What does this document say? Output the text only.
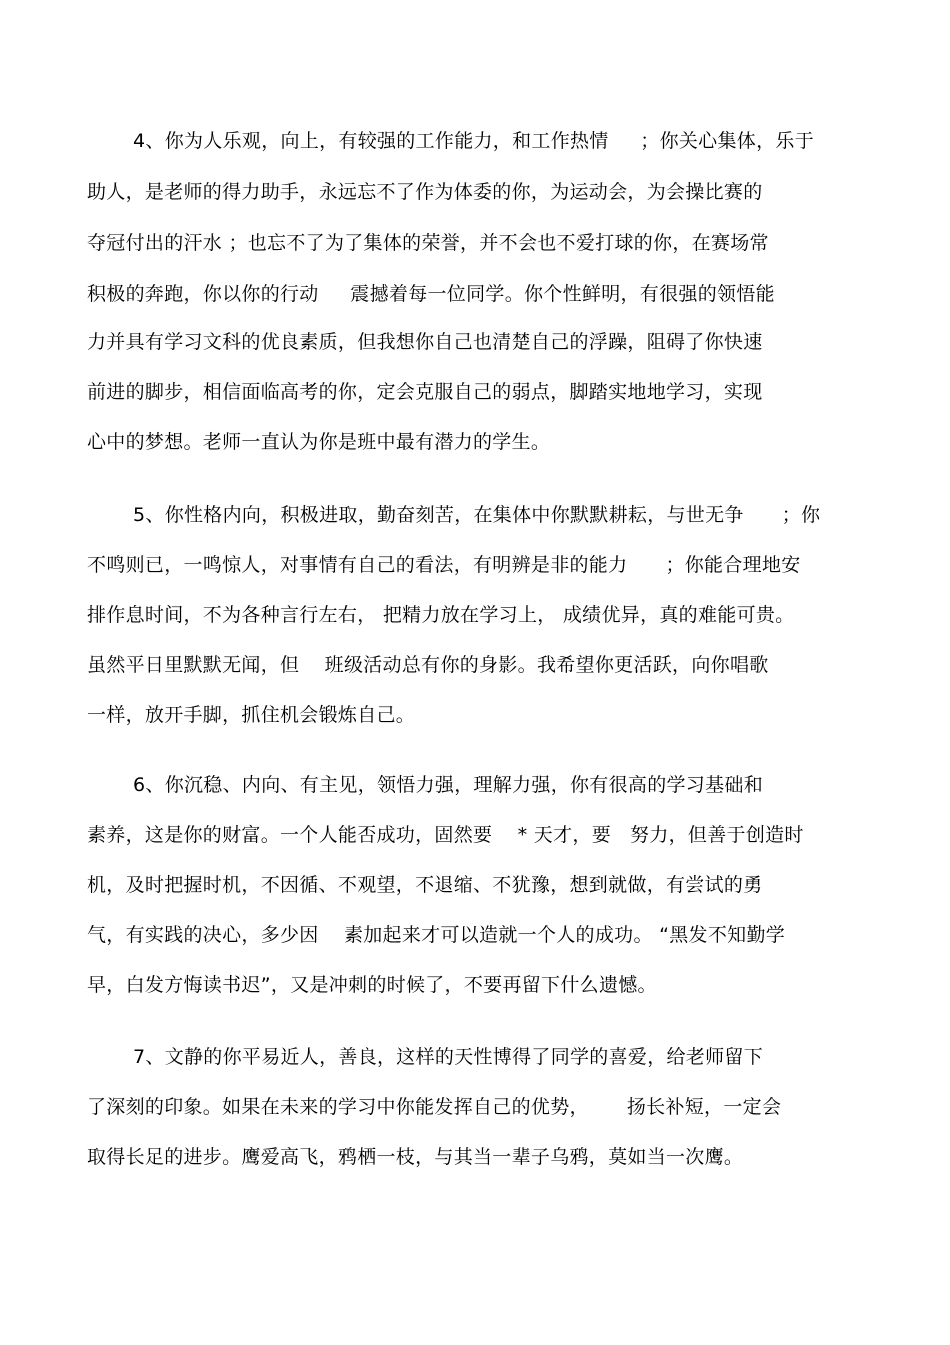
4、你为人乐观，向上，有较强的工作能力，和工作热情     ；你关心集体，乐于
助人，是老师的得力助手，永远忘不了作为体委的你，为运动会，为会操比赛的
夺冠付出的汗水 ；也忘不了为了集体的荣誉，并不会也不爱打球的你，在赛场常
积极的奔跑，你以你的行动     震撼着每一位同学。你个性鲜明，有很强的领悟能
力并具有学习文科的优良素质，但我想你自己也清楚自己的浮躁，阻碍了你快速
前进的脚步，相信面临高考的你，定会克服自己的弱点，脚踏实地地学习，实现
心中的梦想。老师一直认为你是班中最有潜力的学生。
5、你性格内向，积极进取，勤奋刻苦，在集体中你默默耕耘，与世无争      ；你
不鸣则已，一鸣惊人，对事情有自己的看法，有明辨是非的能力      ；你能合理地安
排作息时间，不为各种言行左右， 把精力放在学习上， 成绩优异，真的难能可贵。
虽然平日里默默无闻，但    班级活动总有你的身影。我希望你更活跃，向你唱歌
一样，放开手脚，抓住机会锻炼自己。
6、你沉稳、内向、有主见，领悟力强，理解力强，你有很高的学习基础和
素养，这是你的财富。一个人能否成功，固然要    * 天才，要   努力，但善于创造时
机，及时把握时机，不因循、不观望，不退缩、不犹豫，想到就做，有尝试的勇
气，有实践的决心，多少因    素加起来才可以造就一个人的成功。 “黑发不知勤学
早，白发方悔读书迟”，又是冲刺的时候了，不要再留下什么遗憾。
7、文静的你平易近人，善良，这样的天性博得了同学的喜爱，给老师留下
了深刻的印象。如果在未来的学习中你能发挥自己的优势，      扬长补短，一定会
取得长足的进步。鹰爱高飞，鸦栖一枝，与其当一辈子乌鸦，莫如当一次鹰。
